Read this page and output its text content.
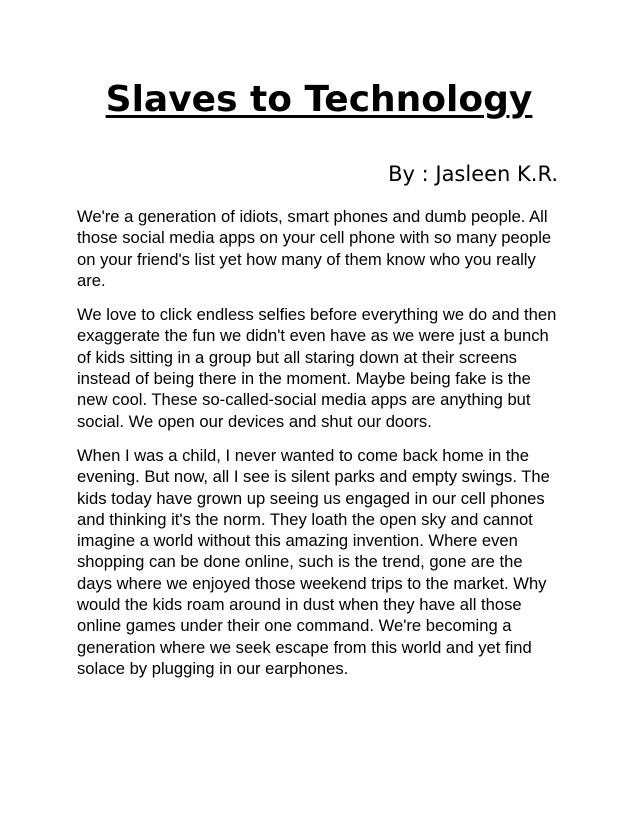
Slaves to Technology
By : Jasleen K.R.

We're a generation of idiots, smart phones and dumb people. All those social media apps on your cell phone with so many people on your friend's list yet how many of them know who you really are.

We love to click endless selfies before everything we do and then exaggerate the fun we didn't even have as we were just a bunch of kids sitting in a group but all staring down at their screens instead of being there in the moment. Maybe being fake is the new cool. These so-called-social media apps are anything but social. We open our devices and shut our doors.

When I was a child, I never wanted to come back home in the evening. But now, all I see is silent parks and empty swings. The kids today have grown up seeing us engaged in our cell phones and thinking it's the norm. They loath the open sky and cannot imagine a world without this amazing invention. Where even shopping can be done online, such is the trend, gone are the days where we enjoyed those weekend trips to the market. Why would the kids roam around in dust when they have all those online games under their one command. We're becoming a generation where we seek escape from this world and yet find solace by plugging in our earphones.
